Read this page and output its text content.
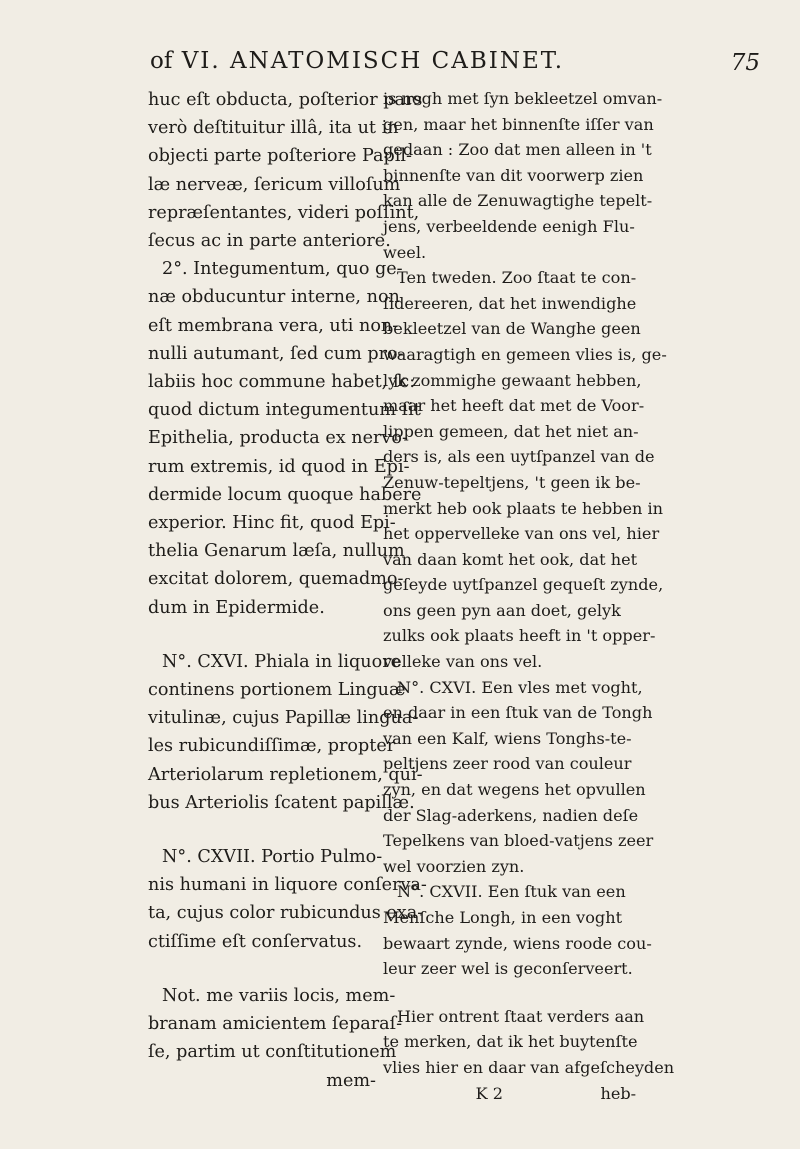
of VI. ANATOMISCH CABINET.	75
huc eſt obducta, poſterior pars
verò deſtituitur illâ, ita ut in
objecti parte poſteriore Papil-
læ nerveæ, ſericum villoſum
repræſentantes, videri poſſint,
ſecus ac in parte anteriore.
2°. Integumentum, quo ge-
næ obducuntur interne, non
eſt membrana vera, uti non-
nulli autumant, ſed cum pro-
labiis hoc commune habet, ſc:
quod dictum integumentum ſit
Epithelia, producta ex nervo-
rum extremis, id quod in Epi-
dermide locum quoque habere
experior. Hinc fit, quod Epi-
thelia Genarum læſa, nullum
excitat dolorem, quemadmo-
dum in Epidermide.
N°. CXVI. Phiala in liquore
continens portionem Linguæ
vitulinæ, cujus Papillæ lingua-
les rubicundiſſimæ, propter
Arteriolarum repletionem, qui-
bus Arteriolis ſcatent papillæ.
N°. CXVII. Portio Pulmo-
nis humani in liquore conſerva-
ta, cujus color rubicundus exa-
ctiſſime eſt conſervatus.
Not. me variis locis, mem-
branam amicientem ſeparaſ-
ſe, partim ut conſtitutionem
mem-
is nogh met ſyn bekleetzel omvan-
gen, maar het binnenſte iſſer van
gedaan : Zoo dat men alleen in 't
binnenſte van dit voorwerp zien
kan alle de Zenuwagtighe tepelt-
jens, verbeeldende eenigh Flu-
weel.
Ten tweden. Zoo ſtaat te con-
ſidereeren, dat het inwendighe
bekleetzel van de Wanghe geen
waaragtigh en gemeen vlies is, ge-
lyk zommighe gewaant hebben,
maar het heeft dat met de Voor-
lippen gemeen, dat het niet an-
ders is, als een uytſpanzel van de
Zenuw-tepeltjens, 't geen ik be-
merkt heb ook plaats te hebben in
het oppervelleke van ons vel, hier
van daan komt het ook, dat het
geſeyde uytſpanzel gequeſt zynde,
ons geen pyn aan doet, gelyk
zulks ook plaats heeft in 't opper-
velleke van ons vel.
N°. CXVI. Een vles met voght,
en daar in een ſtuk van de Tongh
van een Kalf, wiens Tonghs-te-
peltjens zeer rood van couleur
zyn, en dat wegens het opvullen
der Slag-aderkens, nadien deſe
Tepelkens van bloed-vatjens zeer
wel voorzien zyn.
N°. CXVII. Een ſtuk van een
Menſche Longh, in een voght
bewaart zynde, wiens roode cou-
leur zeer wel is geconſerveert.
Hier ontrent ſtaat verders aan
te merken, dat ik het buytenſte
vlies hier en daar van afgeſcheyden
K 2	heb-
